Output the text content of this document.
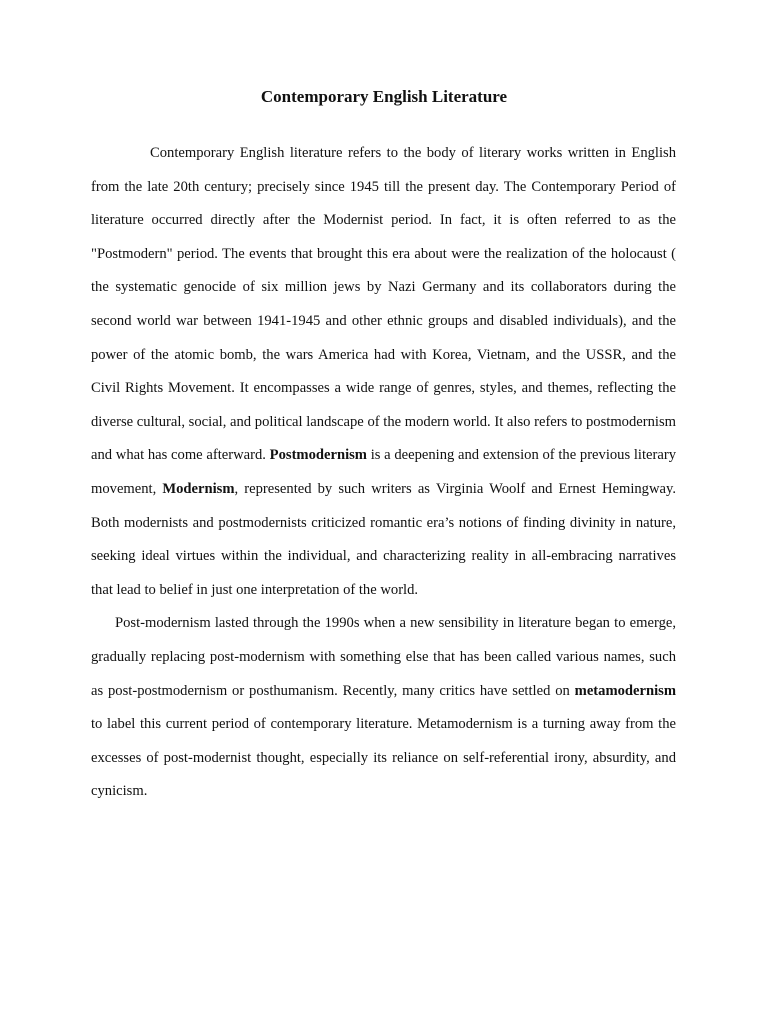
Contemporary English Literature

Contemporary English literature refers to the body of literary works written in English from the late 20th century; precisely since 1945 till the present day. The Contemporary Period of literature occurred directly after the Modernist period. In fact, it is often referred to as the "Postmodern" period. The events that brought this era about were the realization of the holocaust ( the systematic genocide of six million jews by Nazi Germany and its collaborators during the second world war between 1941-1945 and other ethnic groups and disabled individuals), and the power of the atomic bomb, the wars America had with Korea, Vietnam, and the USSR, and the Civil Rights Movement. It encompasses a wide range of genres, styles, and themes, reflecting the diverse cultural, social, and political landscape of the modern world. It also refers to postmodernism and what has come afterward. Postmodernism is a deepening and extension of the previous literary movement, Modernism, represented by such writers as Virginia Woolf and Ernest Hemingway. Both modernists and postmodernists criticized romantic era’s notions of finding divinity in nature, seeking ideal virtues within the individual, and characterizing reality in all-embracing narratives that lead to belief in just one interpretation of the world.

Post-modernism lasted through the 1990s when a new sensibility in literature began to emerge, gradually replacing post-modernism with something else that has been called various names, such as post-postmodernism or posthumanism. Recently, many critics have settled on metamodernism to label this current period of contemporary literature. Metamodernism is a turning away from the excesses of post-modernist thought, especially its reliance on self-referential irony, absurdity, and cynicism.
